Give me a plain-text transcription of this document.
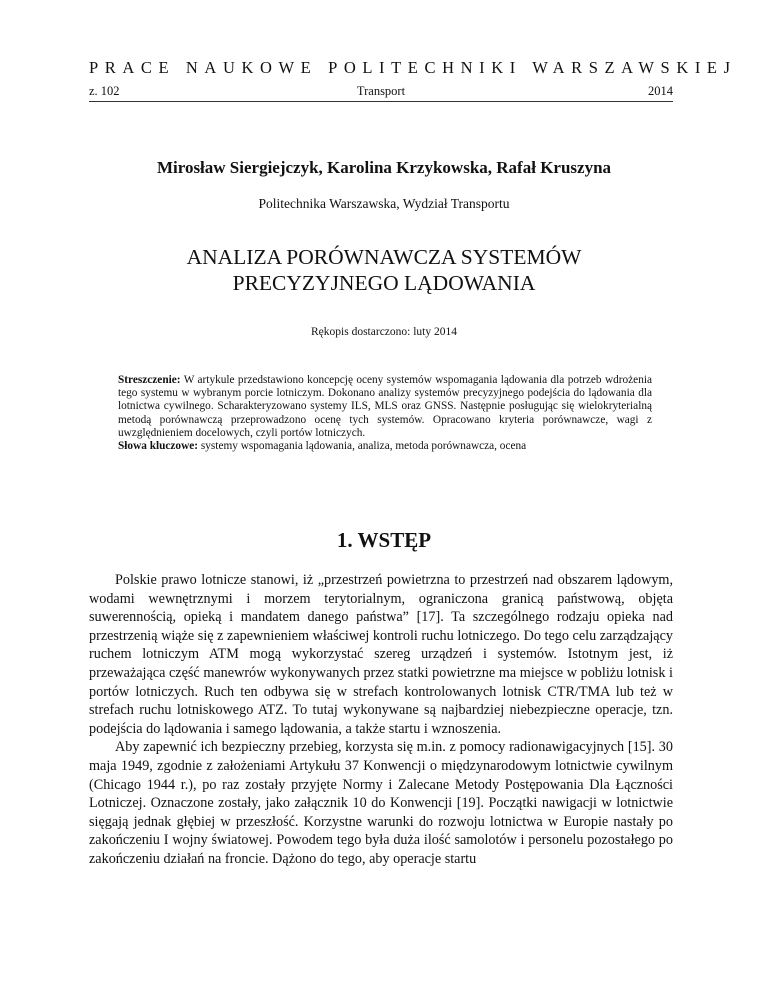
PRACE NAUKOWE POLITECHNIKI WARSZAWSKIEJ
z. 102	Transport	2014
Mirosław Siergiejczyk, Karolina Krzykowska, Rafał Kruszyna
Politechnika Warszawska, Wydział Transportu
ANALIZA PORÓWNAWCZA SYSTEMÓW
PRECYZYJNEGO LĄDOWANIA
Rękopis dostarczono: luty 2014

Streszczenie: W artykule przedstawiono koncepcję oceny systemów wspomagania lądowania dla potrzeb wdrożenia tego systemu w wybranym porcie lotniczym. Dokonano analizy systemów precyzyjnego podejścia do lądowania dla lotnictwa cywilnego. Scharakteryzowano systemy ILS, MLS oraz GNSS. Następnie posługując się wielokryterialną metodą porównawczą przeprowadzono ocenę tych systemów. Opracowano kryteria porównawcze, wagi z uwzględnieniem docelowych, czyli portów lotniczych.

Słowa kluczowe: systemy wspomagania lądowania, analiza, metoda porównawcza, ocena

1. WSTĘP

Polskie prawo lotnicze stanowi, iż „przestrzeń powietrzna to przestrzeń nad obszarem lądowym, wodami wewnętrznymi i morzem terytorialnym, ograniczona granicą państwową, objęta suwerennością, opieką i mandatem danego państwa” [17]. Ta szczególnego rodzaju opieka nad przestrzenią wiąże się z zapewnieniem właściwej kontroli ruchu lotniczego. Do tego celu zarządzający ruchem lotniczym ATM mogą wykorzystać szereg urządzeń i systemów. Istotnym jest, iż przeważająca część manewrów wykonywanych przez statki powietrzne ma miejsce w pobliżu lotnisk i portów lotniczych. Ruch ten odbywa się w strefach kontrolowanych lotnisk CTR/TMA lub też w strefach ruchu lotniskowego ATZ. To tutaj wykonywane są najbardziej niebezpieczne operacje, tzn. podejścia do lądowania i samego lądowania, a także startu i wznoszenia.

Aby zapewnić ich bezpieczny przebieg, korzysta się m.in. z pomocy radionawigacyjnych [15]. 30 maja 1949, zgodnie z założeniami Artykułu 37 Konwencji o międzynarodowym lotnictwie cywilnym (Chicago 1944 r.), po raz zostały przyjęte Normy i Zalecane Metody Postępowania Dla Łączności Lotniczej. Oznaczone zostały, jako załącznik 10 do Konwencji [19]. Początki nawigacji w lotnictwie sięgają jednak głębiej w przeszłość. Korzystne warunki do rozwoju lotnictwa w Europie nastały po zakończeniu I wojny światowej. Powodem tego była duża ilość samolotów i personelu pozostałego po zakończeniu działań na froncie. Dążono do tego, aby operacje startu
